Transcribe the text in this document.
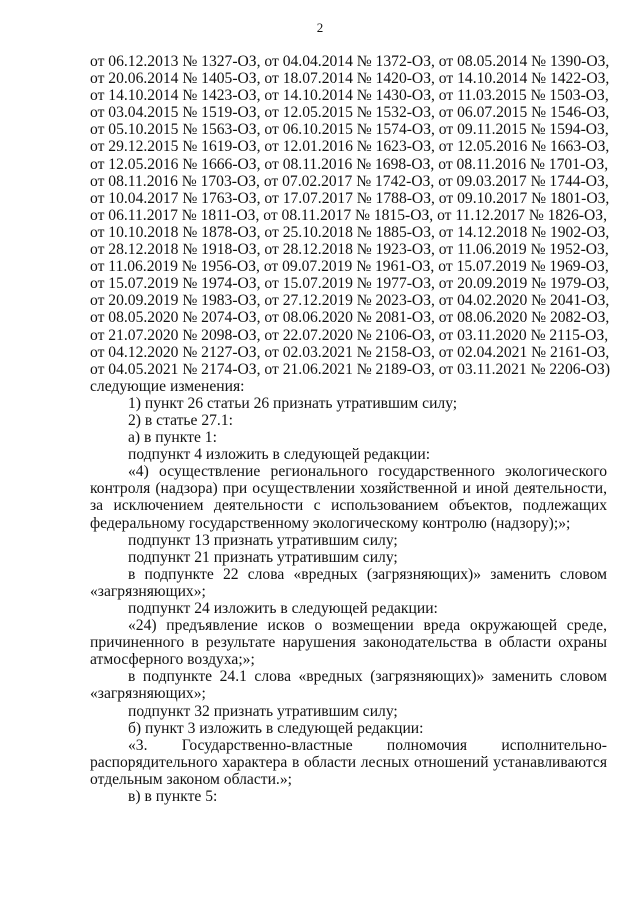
2
от 06.12.2013 № 1327-ОЗ, от 04.04.2014 № 1372-ОЗ, от 08.05.2014 № 1390-ОЗ,
от 20.06.2014 № 1405-ОЗ, от 18.07.2014 № 1420-ОЗ, от 14.10.2014 № 1422-ОЗ,
от 14.10.2014 № 1423-ОЗ, от 14.10.2014 № 1430-ОЗ, от 11.03.2015 № 1503-ОЗ,
от 03.04.2015 № 1519-ОЗ, от 12.05.2015 № 1532-ОЗ, от 06.07.2015 № 1546-ОЗ,
от 05.10.2015 № 1563-ОЗ, от 06.10.2015 № 1574-ОЗ, от 09.11.2015 № 1594-ОЗ,
от 29.12.2015 № 1619-ОЗ, от 12.01.2016 № 1623-ОЗ, от 12.05.2016 № 1663-ОЗ,
от 12.05.2016 № 1666-ОЗ, от 08.11.2016 № 1698-ОЗ, от 08.11.2016 № 1701-ОЗ,
от 08.11.2016 № 1703-ОЗ, от 07.02.2017 № 1742-ОЗ, от 09.03.2017 № 1744-ОЗ,
от 10.04.2017 № 1763-ОЗ, от 17.07.2017 № 1788-ОЗ, от 09.10.2017 № 1801-ОЗ,
от 06.11.2017 № 1811-ОЗ, от 08.11.2017 № 1815-ОЗ, от 11.12.2017 № 1826-ОЗ,
от 10.10.2018 № 1878-ОЗ, от 25.10.2018 № 1885-ОЗ, от 14.12.2018 № 1902-ОЗ,
от 28.12.2018 № 1918-ОЗ, от 28.12.2018 № 1923-ОЗ, от 11.06.2019 № 1952-ОЗ,
от 11.06.2019 № 1956-ОЗ, от 09.07.2019 № 1961-ОЗ, от 15.07.2019 № 1969-ОЗ,
от 15.07.2019 № 1974-ОЗ, от 15.07.2019 № 1977-ОЗ, от 20.09.2019 № 1979-ОЗ,
от 20.09.2019 № 1983-ОЗ, от 27.12.2019 № 2023-ОЗ, от 04.02.2020 № 2041-ОЗ,
от 08.05.2020 № 2074-ОЗ, от 08.06.2020 № 2081-ОЗ, от 08.06.2020 № 2082-ОЗ,
от 21.07.2020 № 2098-ОЗ, от 22.07.2020 № 2106-ОЗ, от 03.11.2020 № 2115-ОЗ,
от 04.12.2020 № 2127-ОЗ, от 02.03.2021 № 2158-ОЗ, от 02.04.2021 № 2161-ОЗ,
от 04.05.2021 № 2174-ОЗ, от 21.06.2021 № 2189-ОЗ, от 03.11.2021 № 2206-ОЗ)
следующие изменения:
1) пункт 26 статьи 26 признать утратившим силу;
2) в статье 27.1:
а) в пункте 1:
подпункт 4 изложить в следующей редакции:
«4) осуществление регионального государственного экологического
контроля (надзора) при осуществлении хозяйственной и иной деятельности,
за исключением деятельности с использованием объектов, подлежащих
федеральному государственному экологическому контролю (надзору);»;
подпункт 13 признать утратившим силу;
подпункт 21 признать утратившим силу;
в подпункте 22 слова «вредных (загрязняющих)» заменить словом
«загрязняющих»;
подпункт 24 изложить в следующей редакции:
«24) предъявление исков о возмещении вреда окружающей среде,
причиненного в результате нарушения законодательства в области охраны
атмосферного воздуха;»;
в подпункте 24.1 слова «вредных (загрязняющих)» заменить словом
«загрязняющих»;
подпункт 32 признать утратившим силу;
б) пункт 3 изложить в следующей редакции:
«3. Государственно-властные полномочия исполнительно-
распорядительного характера в области лесных отношений устанавливаются
отдельным законом области.»;
в) в пункте 5:
